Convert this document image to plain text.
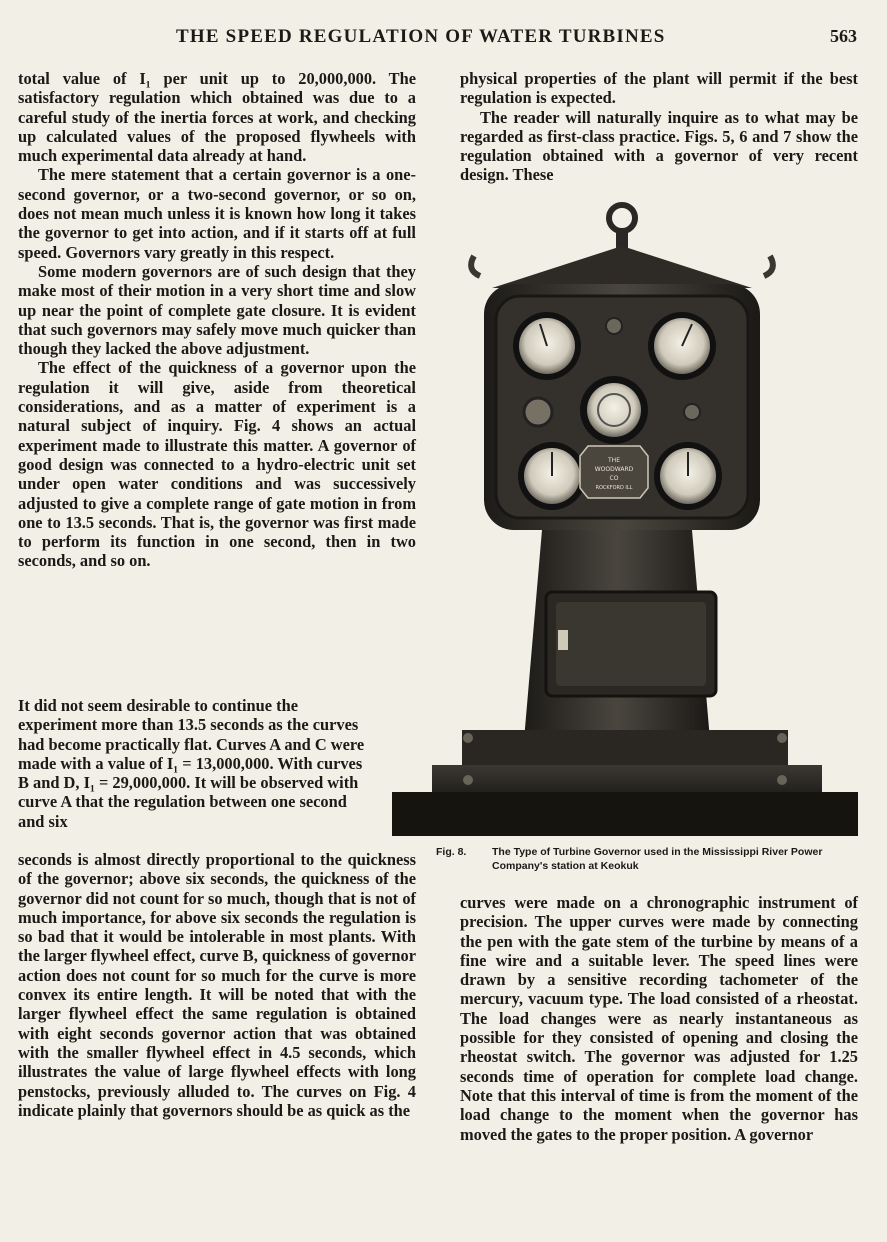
THE SPEED REGULATION OF WATER TURBINES	563

total value of I₁ per unit up to 20,000,000. The satisfactory regulation which obtained was due to a careful study of the inertia forces at work, and checking up calculated values of the proposed flywheels with much experimental data already at hand.

The mere statement that a certain governor is a one-second governor, or a two-second governor, or so on, does not mean much unless it is known how long it takes the governor to get into action, and if it starts off at full speed. Governors vary greatly in this respect.

Some modern governors are of such design that they make most of their motion in a very short time and slow up near the point of complete gate closure. It is evident that such governors may safely move much quicker than though they lacked the above adjustment.

The effect of the quickness of a governor upon the regulation it will give, aside from theoretical considerations, and as a matter of experiment is a natural subject of inquiry. Fig. 4 shows an actual experiment made to illustrate this matter. A governor of good design was connected to a hydro-electric unit set under open water conditions and was successively adjusted to give a complete range of gate motion in from one to 13.5 seconds. That is, the governor was first made to perform its function in one second, then in two seconds, and so on.

It did not seem desirable to continue the experiment more than 13.5 seconds as the curves had become practically flat. Curves A and C were made with a value of I₁ = 13,000,000. With curves B and D, I₁ = 29,000,000. It will be observed with curve A that the regulation between one second and six

seconds is almost directly proportional to the quickness of the governor; above six seconds, the quickness of the governor did not count for so much, though that is not of much importance, for above six seconds the regulation is so bad that it would be intolerable in most plants. With the larger flywheel effect, curve B, quickness of governor action does not count for so much for the curve is more convex its entire length. It will be noted that with the larger flywheel effect the same regulation is obtained with eight seconds governor action that was obtained with the smaller flywheel effect in 4.5 seconds, which illustrates the value of large flywheel effects with long penstocks, previously alluded to. The curves on Fig. 4 indicate plainly that governors should be as quick as the

physical properties of the plant will permit if the best regulation is expected.

The reader will naturally inquire as to what may be regarded as first-class practice. Figs. 5, 6 and 7 show the regulation obtained with a governor of very recent design. These

THE
WOODWARD
CO
ROCKFORD ILL
Fig. 8. The Type of Turbine Governor used in the Mississippi River Power Company's station at Keokuk

curves were made on a chronographic instrument of precision. The upper curves were made by connecting the pen with the gate stem of the turbine by means of a fine wire and a suitable lever. The speed lines were drawn by a sensitive recording tachometer of the mercury, vacuum type. The load consisted of a rheostat. The load changes were as nearly instantaneous as possible for they consisted of opening and closing the rheostat switch. The governor was adjusted for 1.25 seconds time of operation for complete load change. Note that this interval of time is from the moment of the load change to the moment when the governor has moved the gates to the proper position. A governor
